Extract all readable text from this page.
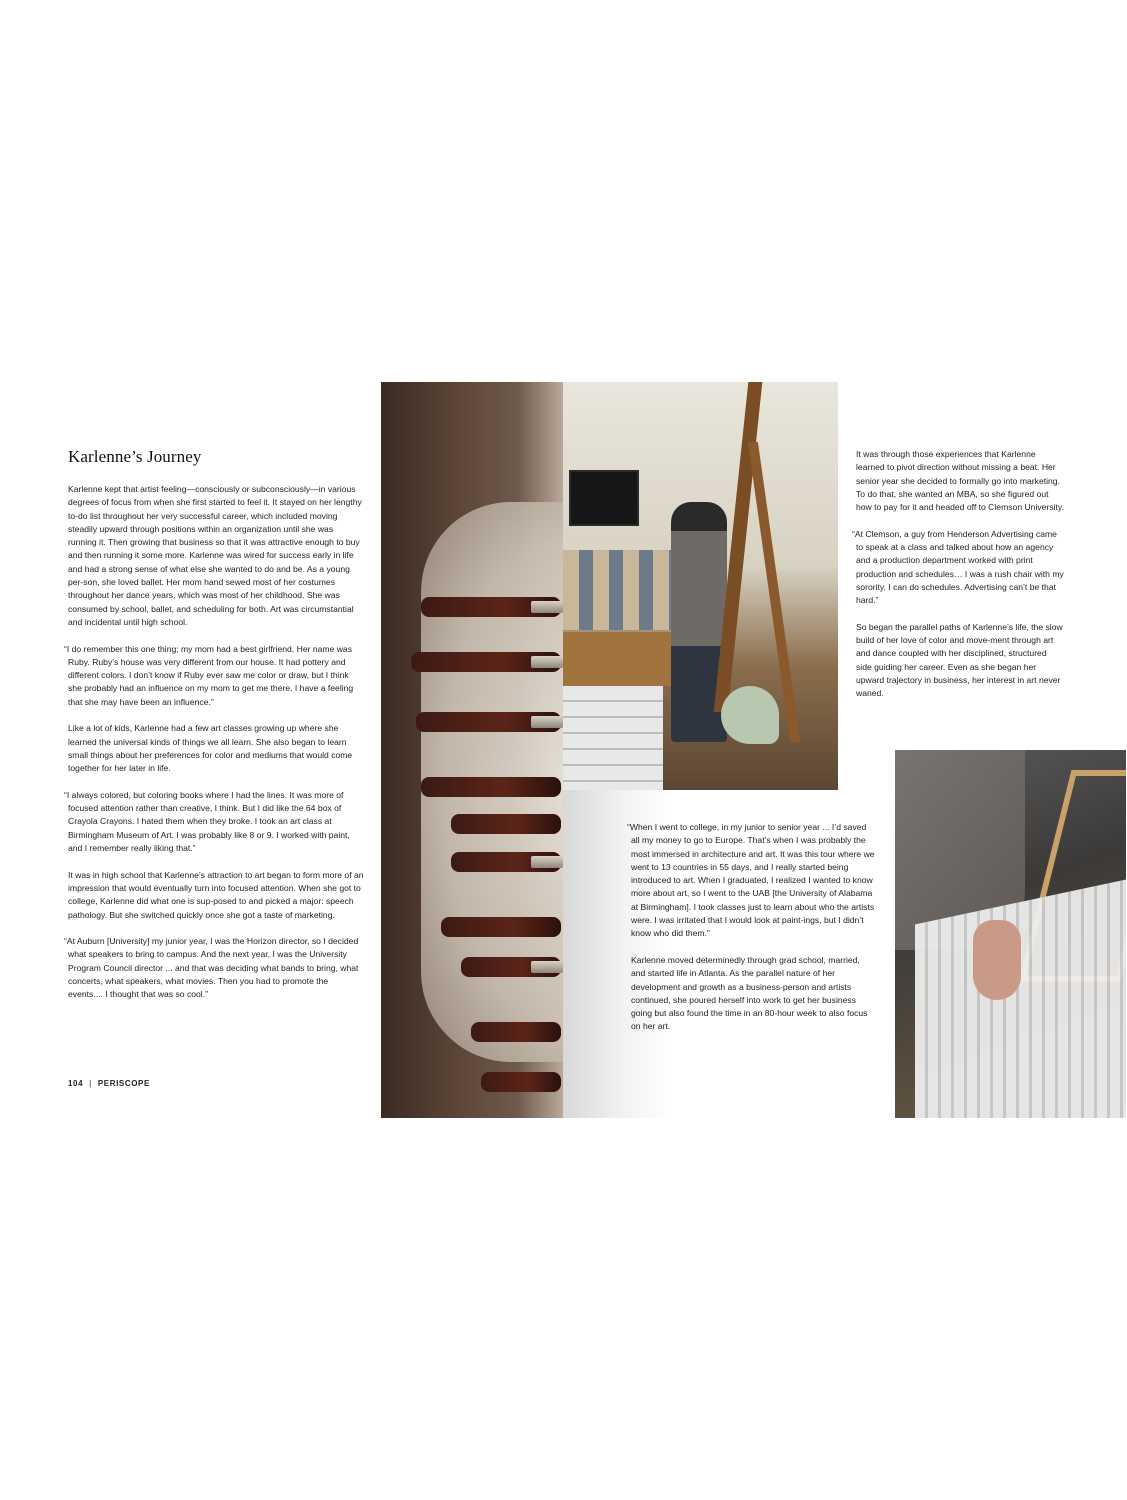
Karlenne’s Journey

Karlenne kept that artist feeling—consciously or subconsciously—in various degrees of focus from when she first started to feel it. It stayed on her lengthy to-do list throughout her very successful career, which included moving steadily upward through positions within an organization until she was running it. Then growing that business so that it was attractive enough to buy and then running it some more. Karlenne was wired for success early in life and had a strong sense of what else she wanted to do and be. As a young per-son, she loved ballet. Her mom hand sewed most of her costumes throughout her dance years, which was most of her childhood. She was consumed by school, ballet, and scheduling for both. Art was circumstantial and incidental until high school.

“I do remember this one thing; my mom had a best girlfriend. Her name was Ruby. Ruby’s house was very different from our house. It had pottery and different colors. I don’t know if Ruby ever saw me color or draw, but I think she probably had an influence on my mom to get me there. I have a feeling that she may have been an influence.”

Like a lot of kids, Karlenne had a few art classes growing up where she learned the universal kinds of things we all learn. She also began to learn small things about her preferences for color and mediums that would come together for her later in life.

“I always colored, but coloring books where I had the lines. It was more of focused attention rather than creative, I think. But I did like the 64 box of Crayola Crayons. I hated them when they broke. I took an art class at Birmingham Museum of Art. I was probably like 8 or 9. I worked with paint, and I remember really liking that.”

It was in high school that Karlenne’s attraction to art began to form more of an impression that would eventually turn into focused attention. When she got to college, Karlenne did what one is sup-posed to and picked a major: speech pathology. But she switched quickly once she got a taste of marketing.

“At Auburn [University] my junior year, I was the Horizon director, so I decided what speakers to bring to campus. And the next year, I was the University Program Council director ... and that was deciding what bands to bring, what concerts, what speakers, what movies. Then you had to promote the events.... I thought that was so cool.”

104 | PERISCOPE

It was through those experiences that Karlenne learned to pivot direction without missing a beat. Her senior year she decided to formally go into marketing. To do that, she wanted an MBA, so she figured out how to pay for it and headed off to Clemson University.

“At Clemson, a guy from Henderson Advertising came to speak at a class and talked about how an agency and a production department worked with print production and schedules… I was a rush chair with my sorority. I can do schedules. Advertising can’t be that hard.”

So began the parallel paths of Karlenne’s life, the slow build of her love of color and move-ment through art and dance coupled with her disciplined, structured side guiding her career. Even as she began her upward trajectory in business, her interest in art never waned.

“When I went to college, in my junior to senior year ... I’d saved all my money to go to Europe. That’s when I was probably the most immersed in architecture and art. It was this tour where we went to 13 countries in 55 days, and I really started being introduced to art. When I graduated, I realized I wanted to know more about art, so I went to the UAB [the University of Alabama at Birmingham]. I took classes just to learn about who the artists were. I was irritated that I would look at paint-ings, but I didn’t know who did them.”

Karlenne moved determinedly through grad school, married, and started life in Atlanta. As the parallel nature of her development and growth as a business-person and artists continued, she poured herself into work to get her business going but also found the time in an 80-hour week to also focus on her art.
